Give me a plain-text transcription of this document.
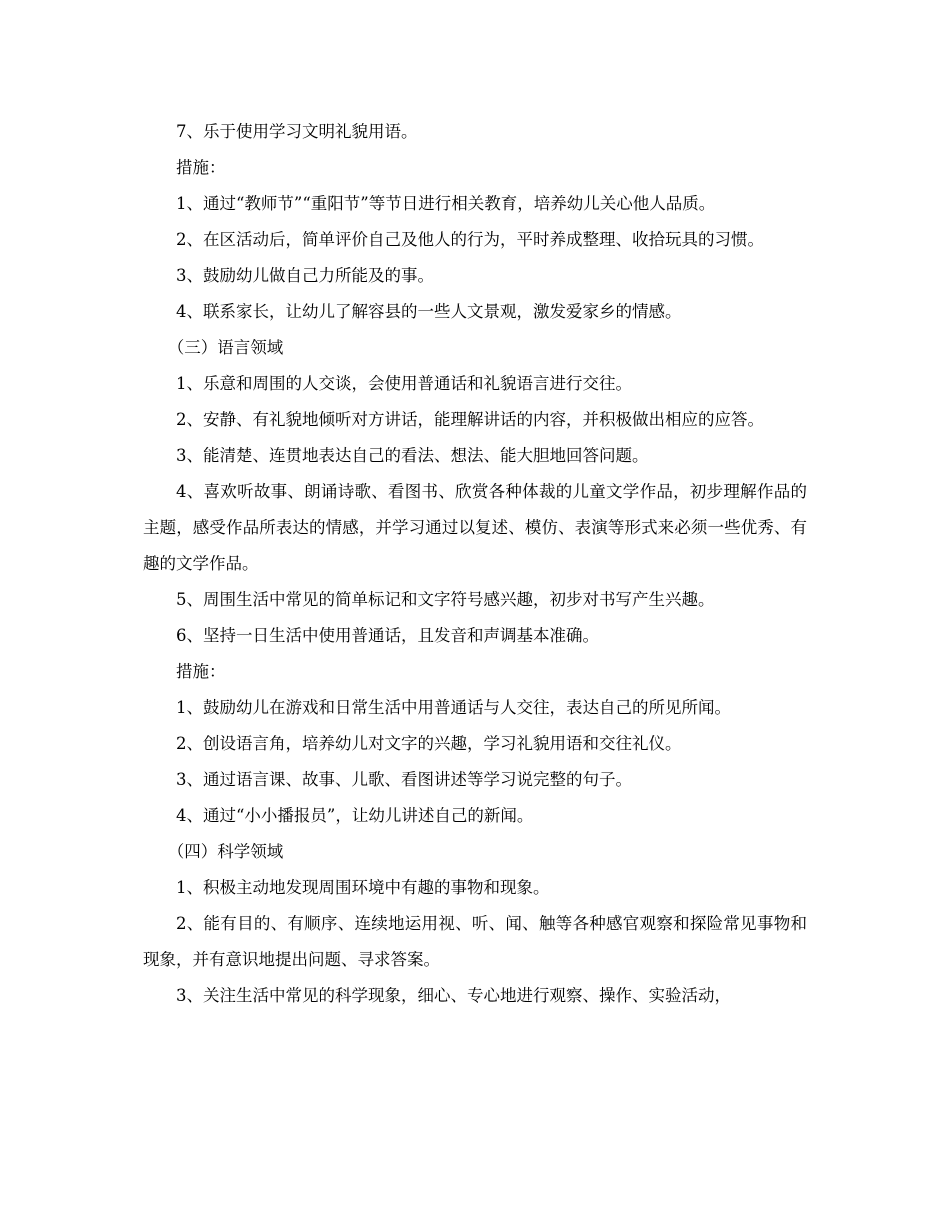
7、乐于使用学习文明礼貌用语。

措施：

1、通过“教师节”“重阳节”等节日进行相关教育，培养幼儿关心他人品质。

2、在区活动后，简单评价自己及他人的行为，平时养成整理、收拾玩具的习惯。

3、鼓励幼儿做自己力所能及的事。

4、联系家长，让幼儿了解容县的一些人文景观，激发爱家乡的情感。

（三）语言领域

1、乐意和周围的人交谈，会使用普通话和礼貌语言进行交往。

2、安静、有礼貌地倾听对方讲话，能理解讲话的内容，并积极做出相应的应答。

3、能清楚、连贯地表达自己的看法、想法、能大胆地回答问题。

4、喜欢听故事、朗诵诗歌、看图书、欣赏各种体裁的儿童文学作品，初步理解作品的主题，感受作品所表达的情感，并学习通过以复述、模仿、表演等形式来必须一些优秀、有趣的文学作品。

5、周围生活中常见的简单标记和文字符号感兴趣，初步对书写产生兴趣。

6、坚持一日生活中使用普通话，且发音和声调基本准确。

措施：

1、鼓励幼儿在游戏和日常生活中用普通话与人交往，表达自己的所见所闻。

2、创设语言角，培养幼儿对文字的兴趣，学习礼貌用语和交往礼仪。

3、通过语言课、故事、儿歌、看图讲述等学习说完整的句子。

4、通过“小小播报员”，让幼儿讲述自己的新闻。

（四）科学领域

1、积极主动地发现周围环境中有趣的事物和现象。

2、能有目的、有顺序、连续地运用视、听、闻、触等各种感官观察和探险常见事物和现象，并有意识地提出问题、寻求答案。

3、关注生活中常见的科学现象，细心、专心地进行观察、操作、实验活动，
